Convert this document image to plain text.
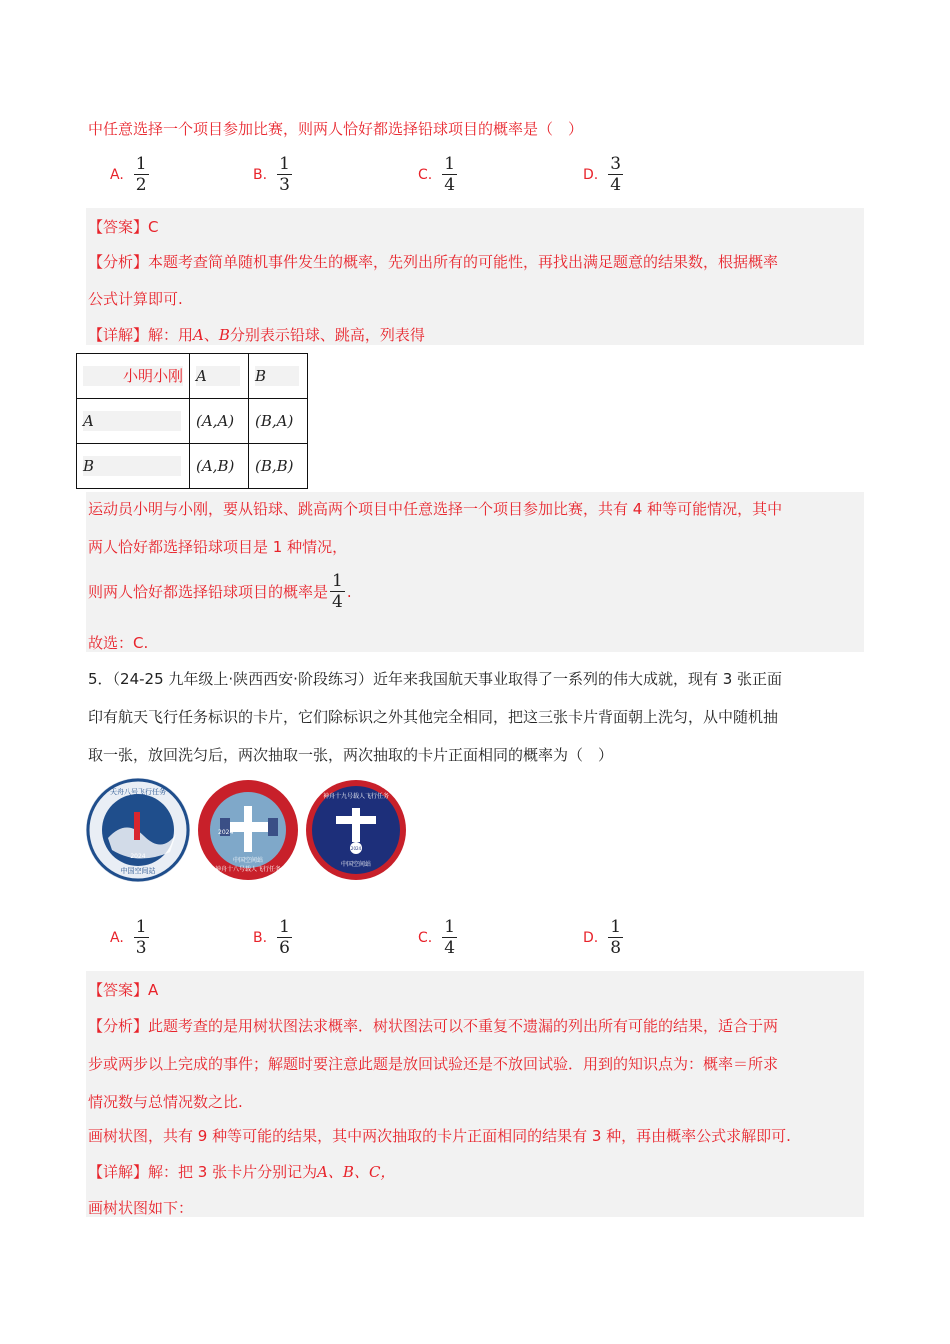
中任意选择一个项目参加比赛，则两人恰好都选择铅球项目的概率是（　）
A. $\frac{1}{2}$	B. $\frac{1}{3}$	C. $\frac{1}{4}$	D. $\frac{3}{4}$
【答案】C
【分析】本题考查简单随机事件发生的概率，先列出所有的可能性，再找出满足题意的结果数，根据概率
公式计算即可.
【详解】解：用A、B分别表示铅球、跳高，列表得
小明小刚	A	B
A	(A,A)	(B,A)
B	(A,B)	(B,B)
运动员小明与小刚，要从铅球、跳高两个项目中任意选择一个项目参加比赛，共有 4 种等可能情况，其中
两人恰好都选择铅球项目是 1 种情况，
则两人恰好都选择铅球项目的概率是 $\frac{1}{4}$ .
故选：C.
5．（24-25 九年级上·陕西西安·阶段练习）近年来我国航天事业取得了一系列的伟大成就，现有 3 张正面
印有航天飞行任务标识的卡片，它们除标识之外其他完全相同，把这三张卡片背面朝上洗匀，从中随机抽
取一张，放回洗匀后，两次抽取一张，两次抽取的卡片正面相同的概率为（　）
2024
天舟八号飞行任务
中国空间站
中国空间站
神舟十八号载人飞行任务
2024
2024
神舟十九号载人飞行任务
中国空间站
A. $\frac{1}{3}$	B. $\frac{1}{6}$	C. $\frac{1}{4}$	D. $\frac{1}{8}$
【答案】A
【分析】此题考查的是用树状图法求概率．树状图法可以不重复不遗漏的列出所有可能的结果，适合于两
步或两步以上完成的事件；解题时要注意此题是放回试验还是不放回试验．用到的知识点为：概率＝所求
情况数与总情况数之比.
画树状图，共有 9 种等可能的结果，其中两次抽取的卡片正面相同的结果有 3 种，再由概率公式求解即可.
【详解】解：把 3 张卡片分别记为A、B、C，
画树状图如下：
